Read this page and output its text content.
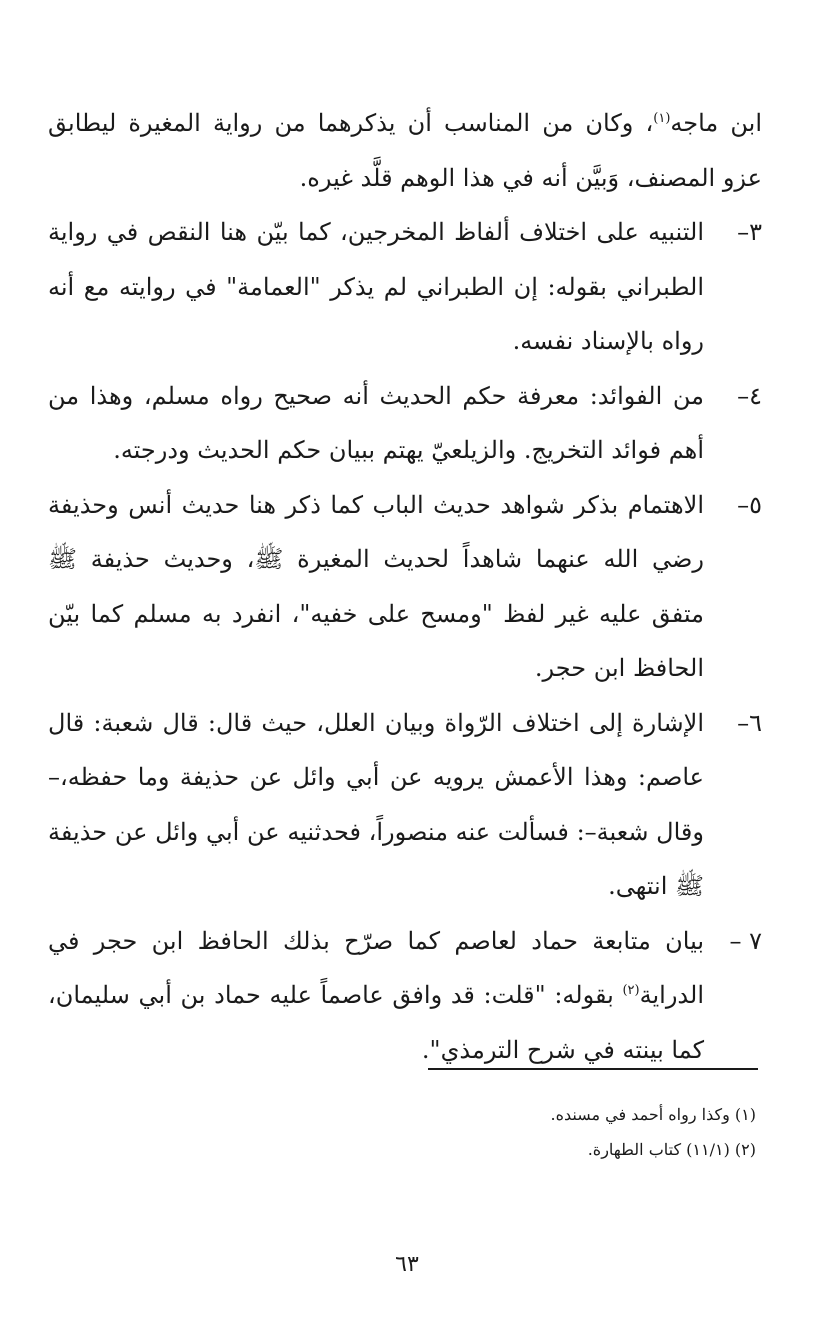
ابن ماجه$^{(١)}$، وكان من المناسب أن يذكرهما من رواية المغيرة ليطابق عزو المصنف، وَبيَّن أنه في هذا الوهم قلَّد غيره.

٣–
التنبيه على اختلاف ألفاظ المخرجين، كما بيّن هنا النقص في رواية الطبراني بقوله: إن الطبراني لم يذكر "العمامة" في روايته مع أنه رواه بالإسناد نفسه.
٤–
من الفوائد: معرفة حكم الحديث أنه صحيح رواه مسلم، وهذا من أهم فوائد التخريج. والزيلعيّ يهتم ببيان حكم الحديث ودرجته.
٥–
الاهتمام بذكر شواهد حديث الباب كما ذكر هنا حديث أنس وحذيفة رضي الله عنهما شاهداً لحديث المغيرة ﷺ، وحديث حذيفة ﷺ متفق عليه غير لفظ "ومسح على خفيه"، انفرد به مسلم كما بيّن الحافظ ابن حجر.
٦–
الإشارة إلى اختلاف الرّواة وبيان العلل، حيث قال: قال شعبة: قال عاصم: وهذا الأعمش يرويه عن أبي وائل عن حذيفة وما حفظه،–وقال شعبة–: فسألت عنه منصوراً، فحدثنيه عن أبي وائل عن حذيفة ﷺ انتهى.
٧ –
بيان متابعة حماد لعاصم كما صرّح بذلك الحافظ ابن حجر في الدراية$^{(٢)}$ بقوله: "قلت: قد وافق عاصماً عليه حماد بن أبي سليمان، كما بينته في شرح الترمذي".

(١) وكذا رواه أحمد في مسنده.

(٢) (١١/١) كتاب الطهارة.

٦٣
